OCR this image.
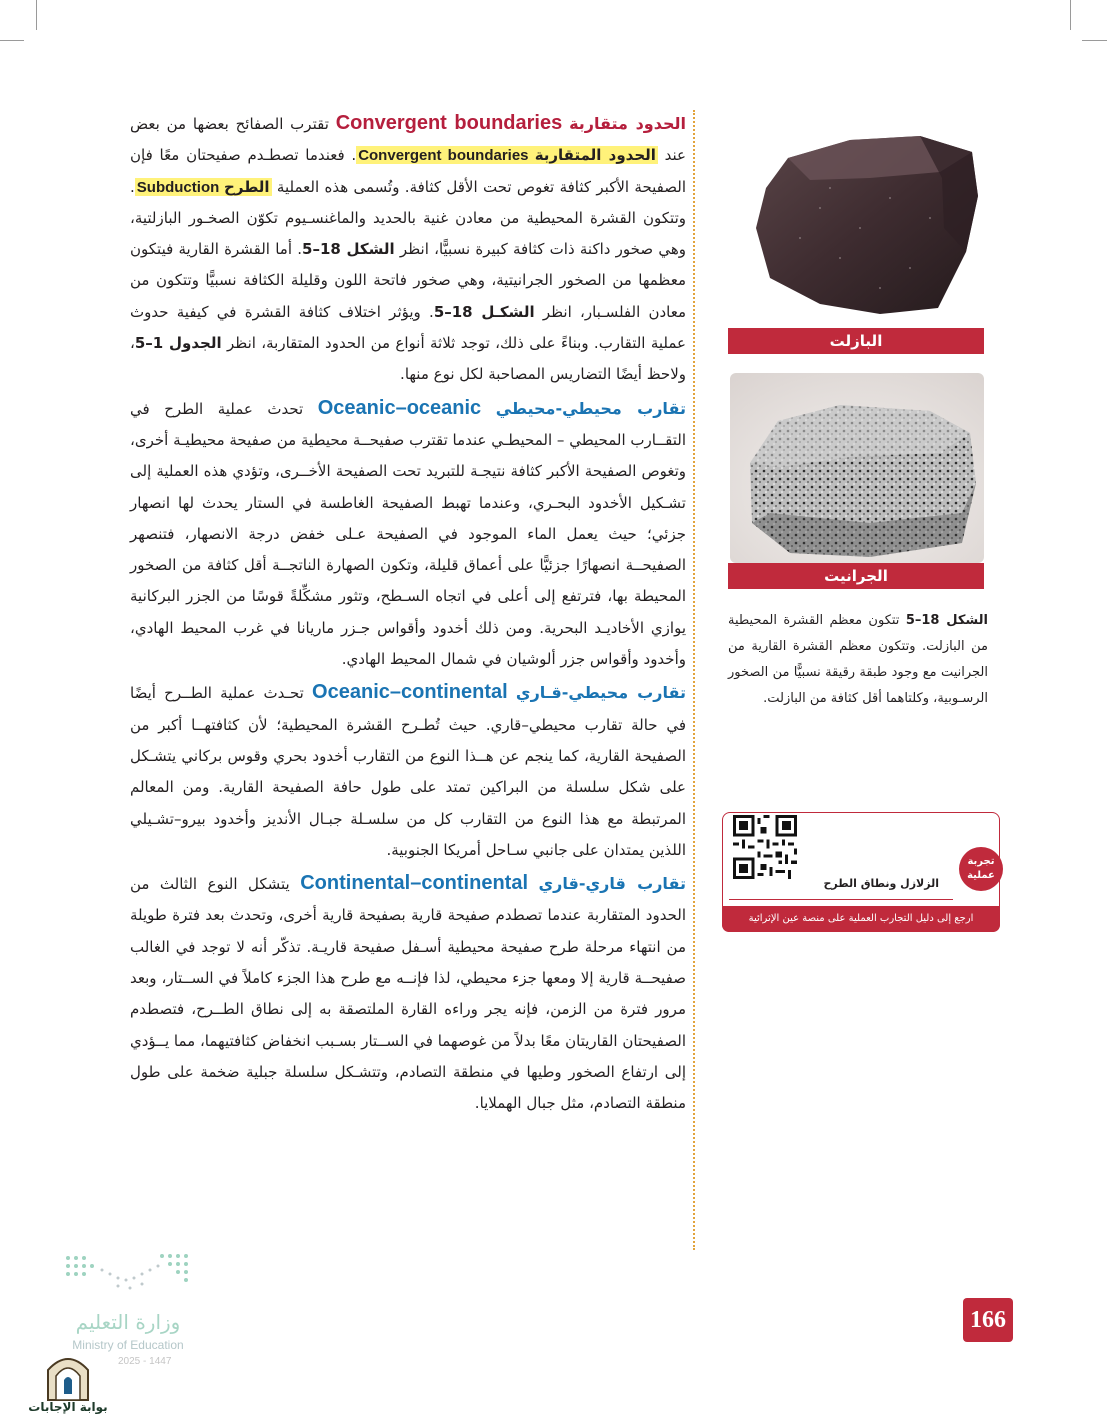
الحدود متقاربة Convergent boundaries تقترب الصفائح بعضها من بعض عند الحدود المتقاربة Convergent boundaries. فعندما تصطـدم صفيحتان معًا فإن الصفيحة الأكبر كثافة تغوص تحت الأقل كثافة. وتُسمى هذه العملية الطرح Subduction. وتتكون القشرة المحيطية من معادن غنية بالحديد والماغنسـيوم تكوّن الصخـور البازلتية، وهي صخور داكنة ذات كثافة كبيرة نسبيًّا، انظر الشكل 18–5. أما القشرة القارية فيتكون معظمها من الصخور الجرانيتية، وهي صخور فاتحة اللون وقليلة الكثافة نسبيًّا وتتكون من معادن الفلسـبار، انظر الشكـل 18–5. ويؤثر اختلاف كثافة القشرة في كيفية حدوث عملية التقارب. وبناءً على ذلك، توجد ثلاثة أنواع من الحدود المتقاربة، انظر الجدول 1–5، ولاحظ أيضًا التضاريس المصاحبة لكل نوع منها.

تقارب محيطي-محيطي Oceanic–oceanic تحدث عملية الطرح في التقــارب المحيطي – المحيطـي عندما تقترب صفيحــة محيطية من صفيحة محيطيـة أخرى، وتغوص الصفيحة الأكبر كثافة نتيجـة للتبريد تحت الصفيحة الأخــرى، وتؤدي هذه العملية إلى تشـكيل الأخدود البحـري، وعندما تهبط الصفيحة الغاطسة في الستار يحدث لها انصهار جزئي؛ حيث يعمل الماء الموجود في الصفيحة عـلى خفض درجة الانصهار، فتنصهر الصفيحــة انصهارًا جزئيًّا على أعماق قليلة، وتكون الصهارة الناتجــة أقل كثافة من الصخور المحيطة بها، فترتفع إلى أعلى في اتجاه السـطح، وتثور مشكِّلةً قوسًا من الجزر البركانية يوازي الأخاديـد البحرية. ومن ذلك أخدود وأقواس جـزر ماريانا في غرب المحيط الهادي، وأخدود وأقواس جزر ألوشيان في شمال المحيط الهادي.

تقارب محيطي-قـاري Oceanic–continental تحـدث عملية الطــرح أيضًا في حالة تقارب محيطي–قاري. حيث تُطـرح القشرة المحيطية؛ لأن كثافتهــا أكبر من الصفيحة القارية، كما ينجم عن هــذا النوع من التقارب أخدود بحري وقوس بركاني يتشـكل على شكل سلسلة من البراكين تمتد على طول حافة الصفيحة القارية. ومن المعالم المرتبطة مع هذا النوع من التقارب كل من سلسـلة جبـال الأنديز وأخدود بيرو–تشـيلي اللذين يمتدان على جانبي سـاحل أمريكا الجنوبية.

تقارب قاري-قاري Continental–continental يتشكل النوع الثالث من الحدود المتقاربة عندما تصطدم صفيحة قارية بصفيحة قارية أخرى، وتحدث بعد فترة طويلة من انتهاء مرحلة طرح صفيحة محيطية أسـفل صفيحة قاريـة. تذكّر أنه لا توجد في الغالب صفيحــة قارية إلا ومعها جزء محيطي، لذا فإنــه مع طرح هذا الجزء كاملاً في الســتار، وبعد مرور فترة من الزمن، فإنه يجر وراءه القارة الملتصقة به إلى نطاق الطــرح، فتصطدم الصفيحتان القاريتان معًا بدلاً من غوصهما في الســتار بسـبب انخفاض كثافتيهما، مما يــؤدي إلى ارتفاع الصخور وطيها في منطقة التصادم، وتتشـكل سلسلة جبلية ضخمة على طول منطقة التصادم، مثل جبال الهملايا.

البازلت
الجرانيت
الشكل 18–5 تتكون معظم القشرة المحيطية من البازلت. وتتكون معظم القشرة القارية من الجرانيت مع وجود طبقة رقيقة نسبيًّا من الصخور الرسـوبية، وكلتاهما أقل كثافة من البازلت.
تجربة عملية
الزلازل ونطاق الطرح
ارجع إلى دليل التجارب العملية على منصة عين الإثرائية
وزارة التعليم
Ministry of Education
2025 - 1447
بوابة الإجابات
166
